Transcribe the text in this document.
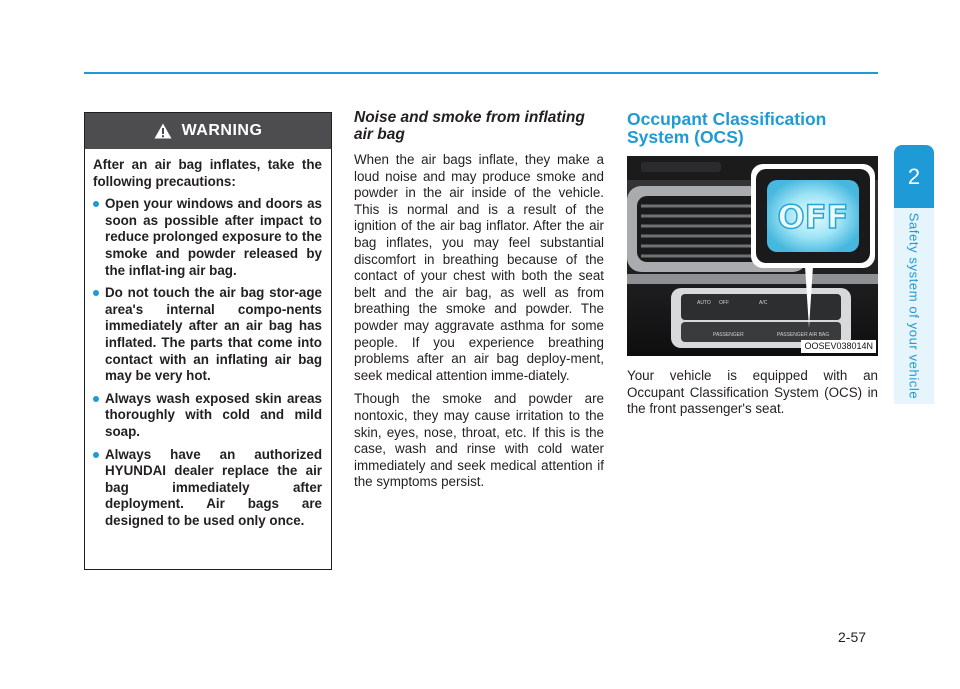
2
Safety system of your vehicle
2-57
WARNING

After an air bag inflates, take the following precautions:

Open your windows and doors as soon as possible after impact to reduce prolonged exposure to the smoke and powder released by the inflat-ing air bag.
Do not touch the air bag stor-age area's internal compo-nents immediately after an air bag has inflated. The parts that come into contact with an inflating air bag may be very hot.
Always wash exposed skin areas thoroughly with cold and mild soap.
Always have an authorized HYUNDAI dealer replace the air bag immediately after deployment. Air bags are designed to be used only once.
Noise and smoke from inflating air bag

When the air bags inflate, they make a loud noise and may produce smoke and powder in the air inside of the vehicle. This is normal and is a result of the ignition of the air bag inflator. After the air bag inflates, you may feel substantial discomfort in breathing because of the contact of your chest with both the seat belt and the air bag, as well as from breathing the smoke and powder. The powder may aggravate asthma for some people. If you experience breathing problems after an air bag deploy-ment, seek medical attention imme-diately.

Though the smoke and powder are nontoxic, they may cause irritation to the skin, eyes, nose, throat, etc. If this is the case, wash and rinse with cold water immediately and seek medical attention if the symptoms persist.

Occupant Classification System (OCS)
AUTO OFF	A/C
PASSENGER	PASSENGER AIR BAG
OFF
OOSEV038014N

Your vehicle is equipped with an Occupant Classification System (OCS) in the front passenger's seat.
